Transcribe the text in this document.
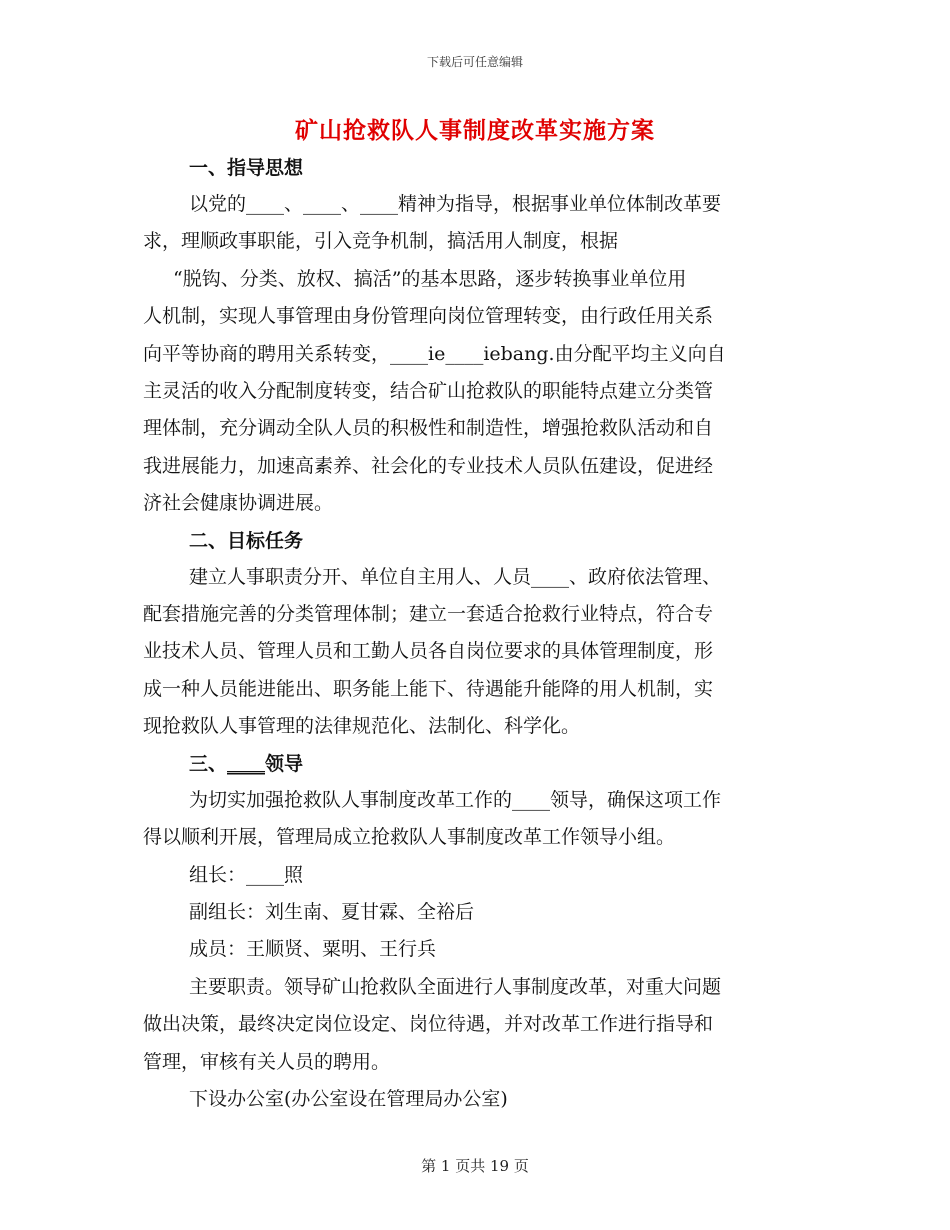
下载后可任意编辑
矿山抢救队人事制度改革实施方案
一、指导思想
以党的____、____、____精神为指导，根据事业单位体制改革要
求，理顺政事职能，引入竞争机制，搞活用人制度，根据
“脱钩、分类、放权、搞活”的基本思路，逐步转换事业单位用
人机制，实现人事管理由身份管理向岗位管理转变，由行政任用关系
向平等协商的聘用关系转变，____ie____iebang.由分配平均主义向自
主灵活的收入分配制度转变，结合矿山抢救队的职能特点建立分类管
理体制，充分调动全队人员的积极性和制造性，增强抢救队活动和自
我进展能力，加速高素养、社会化的专业技术人员队伍建设，促进经
济社会健康协调进展。
二、目标任务
建立人事职责分开、单位自主用人、人员____、政府依法管理、
配套措施完善的分类管理体制；建立一套适合抢救行业特点，符合专
业技术人员、管理人员和工勤人员各自岗位要求的具体管理制度，形
成一种人员能进能出、职务能上能下、待遇能升能降的用人机制，实
现抢救队人事管理的法律规范化、法制化、科学化。
三、____领导
为切实加强抢救队人事制度改革工作的____领导，确保这项工作
得以顺利开展，管理局成立抢救队人事制度改革工作领导小组。
组长：____照
副组长：刘生南、夏甘霖、全裕后
成员：王顺贤、粟明、王行兵
主要职责。领导矿山抢救队全面进行人事制度改革，对重大问题
做出决策，最终决定岗位设定、岗位待遇，并对改革工作进行指导和
管理，审核有关人员的聘用。
下设办公室(办公室设在管理局办公室)
第 1 页共 19 页
